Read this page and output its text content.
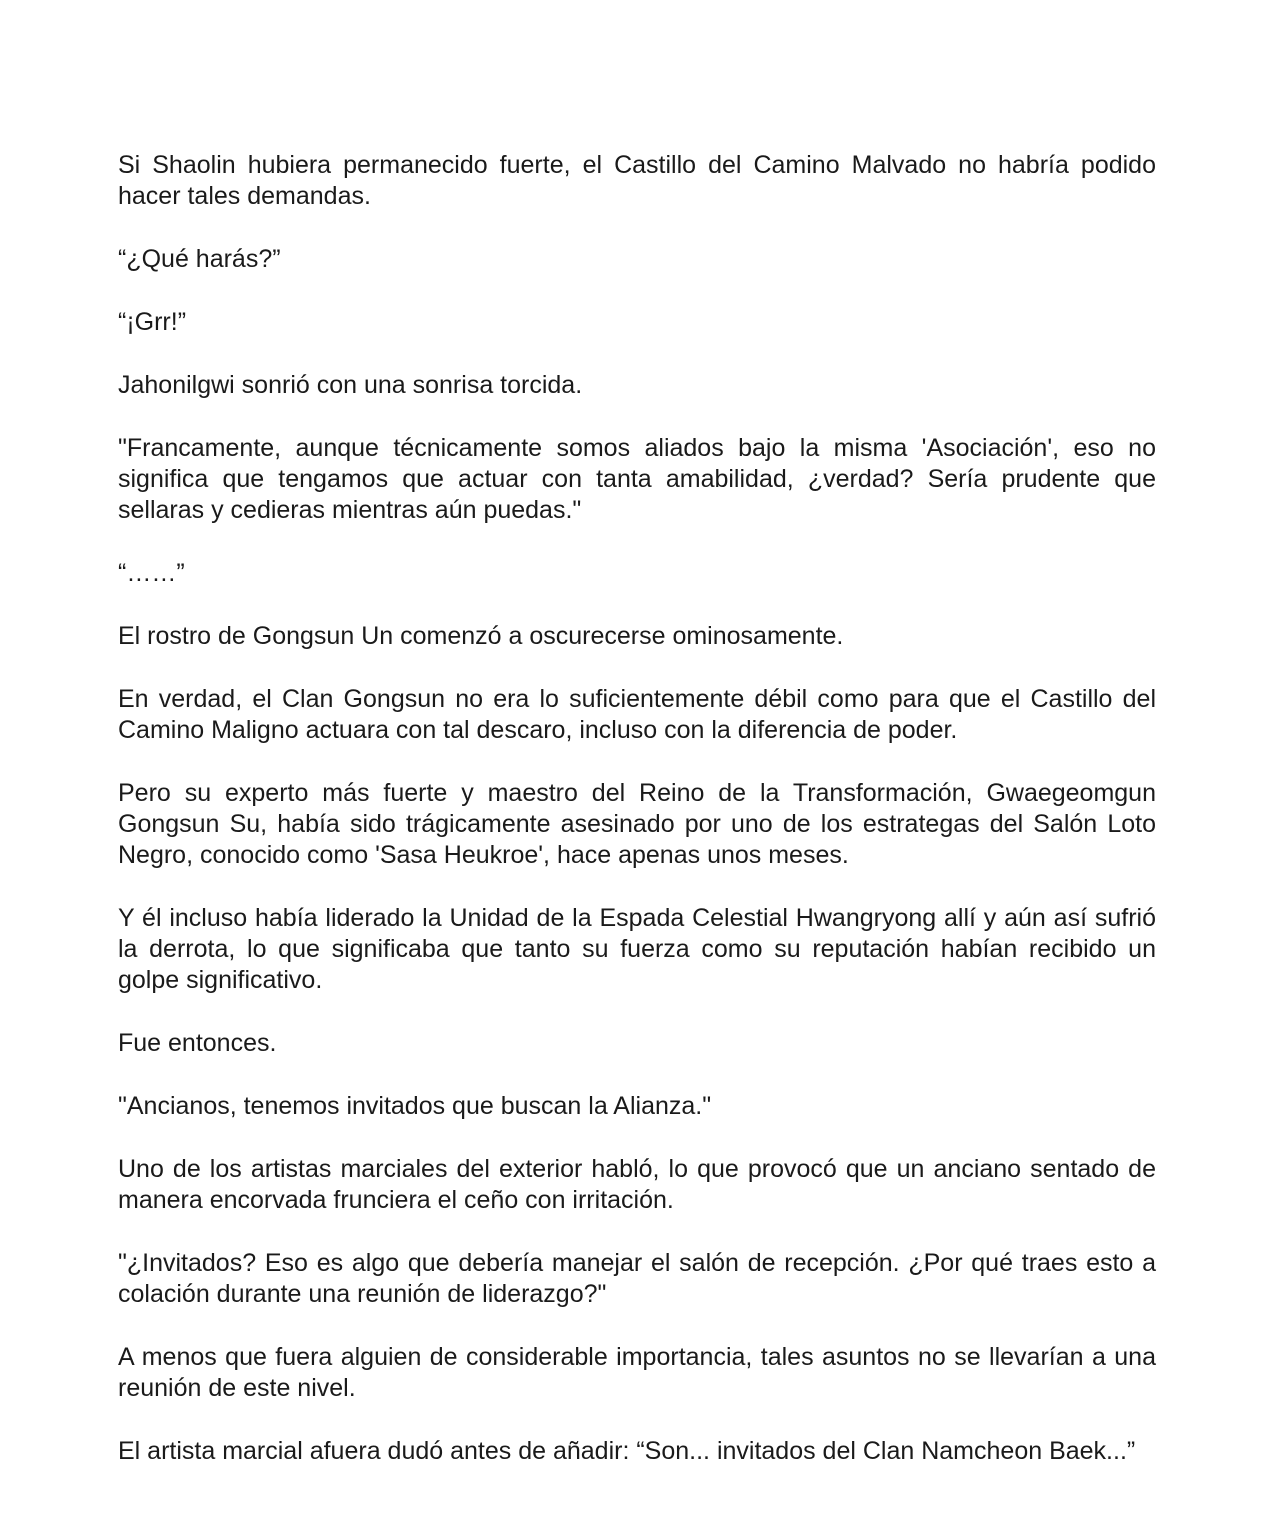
Si Shaolin hubiera permanecido fuerte, el Castillo del Camino Malvado no habría podido hacer tales demandas.

“¿Qué harás?”

“¡Grr!”

Jahonilgwi sonrió con una sonrisa torcida.

"Francamente, aunque técnicamente somos aliados bajo la misma 'Asociación', eso no significa que tengamos que actuar con tanta amabilidad, ¿verdad? Sería prudente que sellaras y cedieras mientras aún puedas."

“……”

El rostro de Gongsun Un comenzó a oscurecerse ominosamente.

En verdad, el Clan Gongsun no era lo suficientemente débil como para que el Castillo del Camino Maligno actuara con tal descaro, incluso con la diferencia de poder.

Pero su experto más fuerte y maestro del Reino de la Transformación, Gwaegeomgun Gongsun Su, había sido trágicamente asesinado por uno de los estrategas del Salón Loto Negro, conocido como 'Sasa Heukroe', hace apenas unos meses.

Y él incluso había liderado la Unidad de la Espada Celestial Hwangryong allí y aún así sufrió la derrota, lo que significaba que tanto su fuerza como su reputación habían recibido un golpe significativo.

Fue entonces.

"Ancianos, tenemos invitados que buscan la Alianza."

Uno de los artistas marciales del exterior habló, lo que provocó que un anciano sentado de manera encorvada frunciera el ceño con irritación.

"¿Invitados? Eso es algo que debería manejar el salón de recepción. ¿Por qué traes esto a colación durante una reunión de liderazgo?"

A menos que fuera alguien de considerable importancia, tales asuntos no se llevarían a una reunión de este nivel.

El artista marcial afuera dudó antes de añadir: “Son... invitados del Clan Namcheon Baek...”
